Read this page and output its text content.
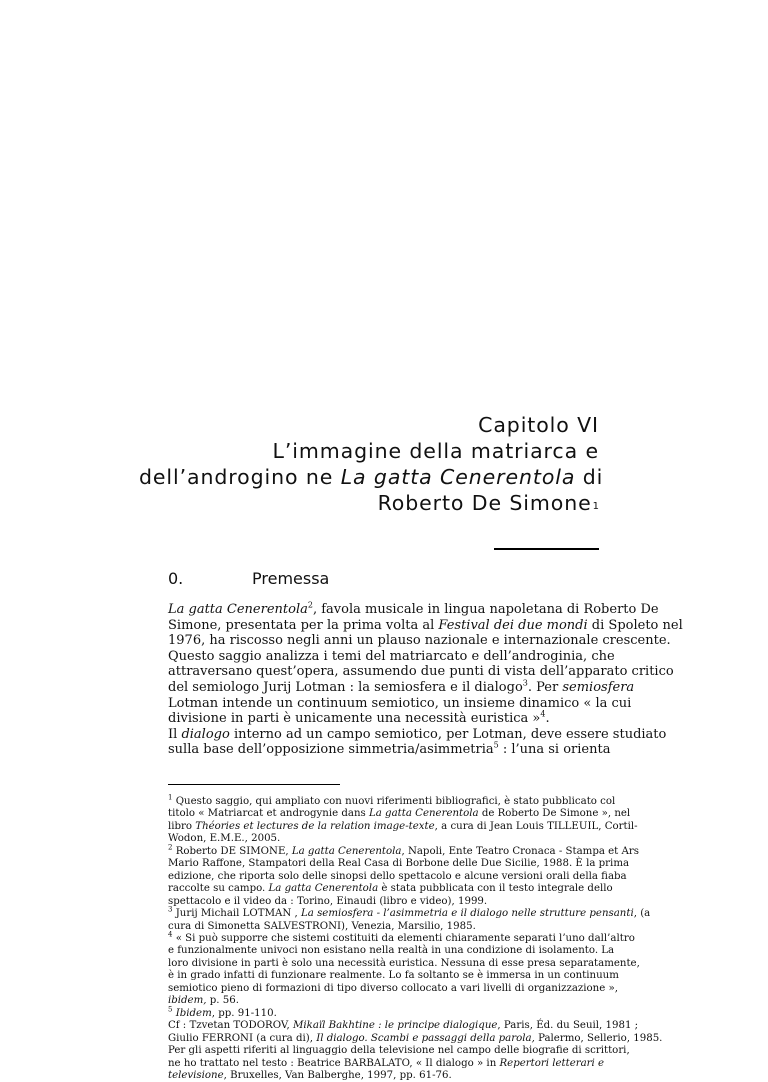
Capitolo VI
L’immagine della matriarca e
dell’androgino ne La gatta Cenerentola di
Roberto De Simone$^1$
0.	Premessa

La gatta Cenerentola$^2$, favola musicale in lingua napoletana di Roberto De
Simone, presentata per la prima volta al Festival dei due mondi di Spoleto nel
1976, ha riscosso negli anni un plauso nazionale e internazionale crescente.

Questo saggio analizza i temi del matriarcato e dell’androginia, che
attraversano quest’opera, assumendo due punti di vista dell’apparato critico
del semiologo Jurij Lotman : la semiosfera e il dialogo$^3$. Per semiosfera
Lotman intende un continuum semiotico, un insieme dinamico « la cui
divisione in parti è unicamente una necessità euristica »$^4$.

Il dialogo interno ad un campo semiotico, per Lotman, deve essere studiato
sulla base dell’opposizione simmetria/asimmetria$^5$ : l’una si orienta

$^1$ Questo saggio, qui ampliato con nuovi riferimenti bibliografici, è stato pubblicato col
titolo « Matriarcat et androgynie dans La gatta Cenerentola de Roberto De Simone », nel
libro Théories et lectures de la relation image-texte, a cura di Jean Louis TILLEUIL, Cortil-
Wodon, E.M.E., 2005.
$^2$ Roberto DE SIMONE, La gatta Cenerentola, Napoli, Ente Teatro Cronaca - Stampa et Ars
Mario Raffone, Stampatori della Real Casa di Borbone delle Due Sicilie, 1988. È la prima
edizione, che riporta solo delle sinopsi dello spettacolo e alcune versioni orali della fiaba
raccolte su campo. La gatta Cenerentola è stata pubblicata con il testo integrale dello
spettacolo e il video da : Torino, Einaudi (libro e video), 1999.
$^3$ Jurij Michail LOTMAN , La semiosfera - l’asimmetria e il dialogo nelle strutture pensanti, (a
cura di Simonetta SALVESTRONI), Venezia, Marsilio, 1985.
$^4$ « Si può supporre che sistemi costituiti da elementi chiaramente separati l’uno dall’altro
e funzionalmente univoci non esistano nella realtà in una condizione di isolamento. La
loro divisione in parti è solo una necessità euristica. Nessuna di esse presa separatamente,
è in grado infatti di funzionare realmente. Lo fa soltanto se è immersa in un continuum
semiotico pieno di formazioni di tipo diverso collocato a vari livelli di organizzazione »,
ibidem, p. 56.
$^5$ Ibidem, pp. 91-110.
Cf : Tzvetan TODOROV, Mikaïl Bakhtine : le principe dialogique, Paris, Éd. du Seuil, 1981 ;
Giulio FERRONI (a cura di), Il dialogo. Scambi e passaggi della parola, Palermo, Sellerio, 1985.
Per gli aspetti riferiti al linguaggio della televisione nel campo delle biografie di scrittori,
ne ho trattato nel testo : Beatrice BARBALATO, « Il dialogo » in Repertori letterari e
televisione, Bruxelles, Van Balberghe, 1997, pp. 61-76.
